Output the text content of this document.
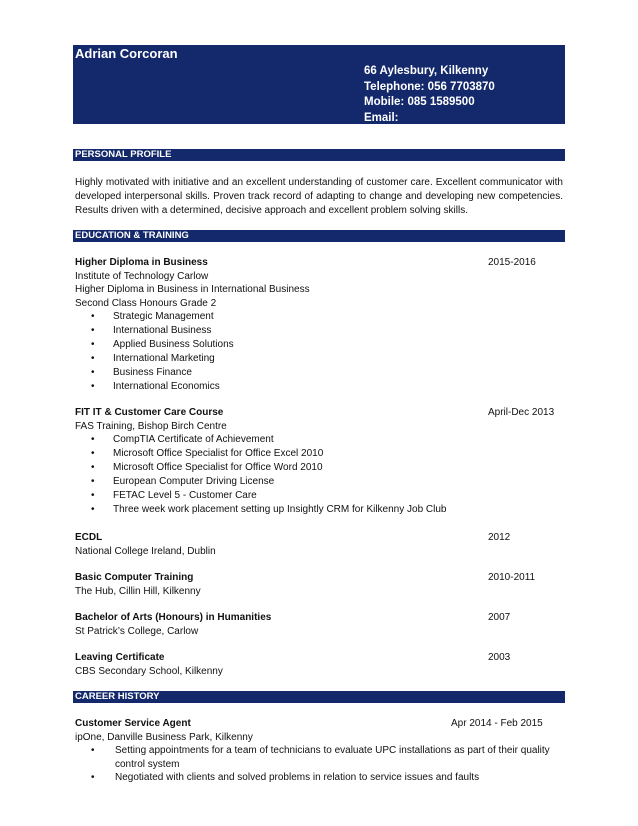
Adrian Corcoran
66 Aylesbury, Kilkenny
Telephone: 056 7703870
Mobile: 085 1589500
Email: adrian.corcoran@yahoo.co.uk
PERSONAL PROFILE
Highly motivated with initiative and an excellent understanding of customer care. Excellent communicator with developed interpersonal skills. Proven track record of adapting to change and developing new competencies. Results driven with a determined, decisive approach and excellent problem solving skills.
EDUCATION & TRAINING
Higher Diploma in Business	2015-2016
Institute of Technology Carlow
Higher Diploma in Business in International Business
Second Class Honours Grade 2
• Strategic Management
• International Business
• Applied Business Solutions
• International Marketing
• Business Finance
• International Economics
FIT IT & Customer Care Course	April-Dec 2013
FAS Training, Bishop Birch Centre
• CompTIA Certificate of Achievement
• Microsoft Office Specialist for Office Excel 2010
• Microsoft Office Specialist for Office Word 2010
• European Computer Driving License
• FETAC Level 5 - Customer Care
• Three week work placement setting up Insightly CRM for Kilkenny Job Club
ECDL	2012
National College Ireland, Dublin
Basic Computer Training	2010-2011
The Hub, Cillin Hill, Kilkenny
Bachelor of Arts (Honours) in Humanities	2007
St Patrick’s College, Carlow
Leaving Certificate	2003
CBS Secondary School, Kilkenny
CAREER HISTORY
Customer Service Agent	Apr 2014 - Feb 2015
ipOne, Danville Business Park, Kilkenny
• Setting appointments for a team of technicians to evaluate UPC installations as part of their quality control system
• Negotiated with clients and solved problems in relation to service issues and faults
